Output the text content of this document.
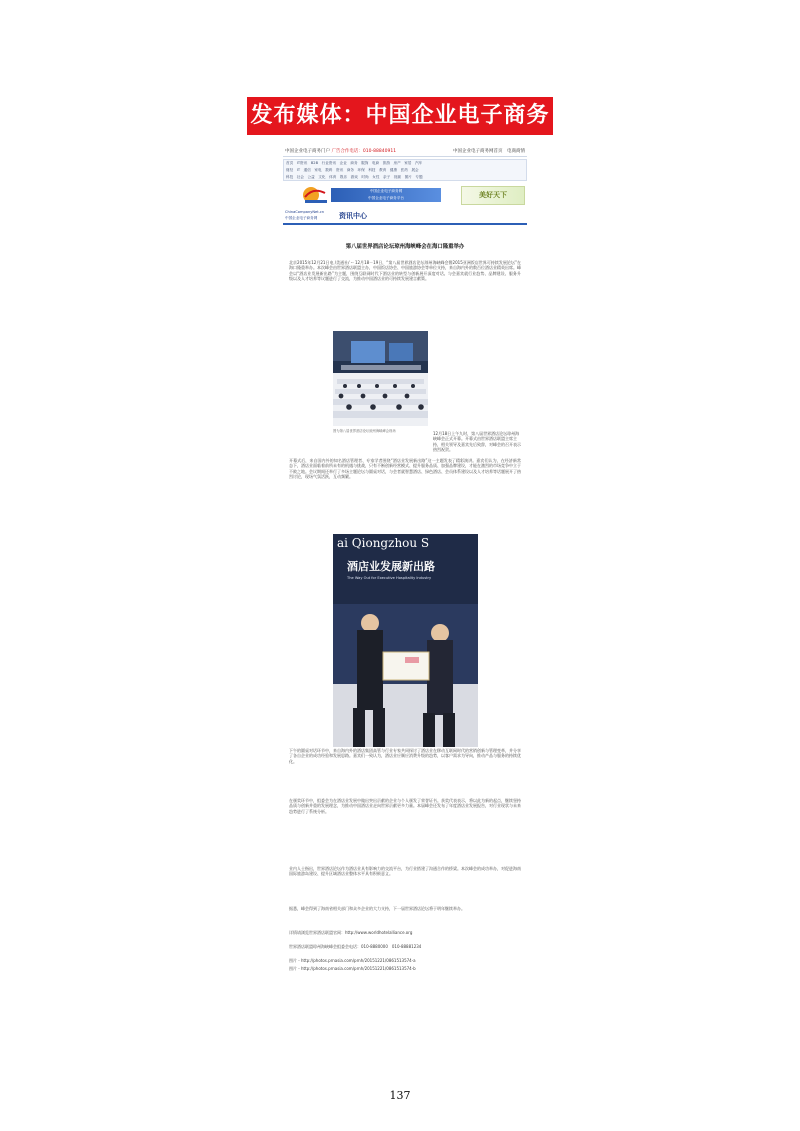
发布媒体：中国企业电子商务
中国企业电子商务门户 广告合作电话：010-88840911	中国企业电子商务网首页　电商商情
首页　IT资讯　B2B　行业资讯　企业　商务　服饰　电商　旅游　房产　家居　汽车
财经　IT　通信　家电　数码　资讯　商务　环保　科技　教育　健康　医药　展会
科技　社会　公益　文化　体育　娱乐　游戏　时尚　女性　亲子　视频　图片　专题
中国企业电子商务网
中国企业电子商务平台	美好天下
ChinaCompanyNet.cn
中国企业电子商务网	资讯中心
第八届世界酒店论坛琼州海峡峰会在海口隆重举办
北京2015年12月21日电 /美通社/ -- 12月18－19日，“第八届世界酒店论坛琼州海峡峰会暨2015亚洲饭店世界可持续发展论坛”在海口隆重举办。本次峰会由世界酒店联盟主办，中国饭店协会、中国旅游协会等单位支持，来自海内外的数百位酒店业精英出席。峰会以“酒店业发展新出路”为主题，围绕互联网时代下酒店业的转型与创新展开深度对话。与会嘉宾就行业趋势、品牌建设、服务升级以及人才培养等议题进行了交流，为推动中国酒店业的可持续发展建言献策。
图为第八届世界酒店论坛琼州海峡峰会现场	12月18日上午九时，第八届世界酒店论坛琼州海峡峰会正式开幕。开幕式由世界酒店联盟主席主持，相关领导及嘉宾先后致辞，对峰会的召开表示热烈祝贺。
开幕式后，来自国内外的知名酒店管理者、专家学者围绕“酒店业发展新出路”这一主题发表了精彩演讲。嘉宾们认为，在经济新常态下，酒店业面临着前所未有的机遇与挑战，只有不断创新经营模式、提升服务品质、加强品牌建设，才能在激烈的市场竞争中立于不败之地。会议期间还举行了多场主题论坛与圆桌对话，与会者就智慧酒店、绿色酒店、会员体系建设以及人才培养等话题展开了热烈讨论，现场气氛活跃，互动频繁。
ai Qiongzhou S
酒店业发展新出路
The Way Out for Executive Hospitality Industry
下午的圆桌对话环节中，来自海内外的酒店集团高管与行业专家共同探讨了酒店业在移动互联网时代的营销创新与管理变革，并分享了各自企业的成功经验和发展思路。嘉宾们一致认为，酒店业应顺应消费升级的趋势，以客户需求为导向，推动产品与服务的持续优化。
在颁奖环节中，组委会为在酒店业发展中做出突出贡献的企业与个人颁发了荣誉证书。获奖代表表示，将以此为新的起点，继续坚持品质与创新并重的发展理念，为推动中国酒店业走向世界贡献更多力量。本届峰会还发布了年度酒店业发展报告，对行业现状与未来趋势进行了系统分析。
业内人士指出，世界酒店论坛作为酒店业具有影响力的交流平台，为行业搭建了沟通合作的桥梁。本次峰会的成功举办，对促进海南国际旅游岛建设、提升区域酒店业整体水平具有积极意义。
据悉，峰会得到了海南省相关部门和众多企业的大力支持，下一届世界酒店论坛将于明年继续举办。
详情请浏览世界酒店联盟官网：http://www.worldhotelalliance.org
世界酒店联盟琼州海峡峰会组委会电话：010-8880000　010-88881234
图片 - http://photos.prnasia.com/prnh/20151221/0861513574-a
图片 - http://photos.prnasia.com/prnh/20151221/0861513574-b
137
